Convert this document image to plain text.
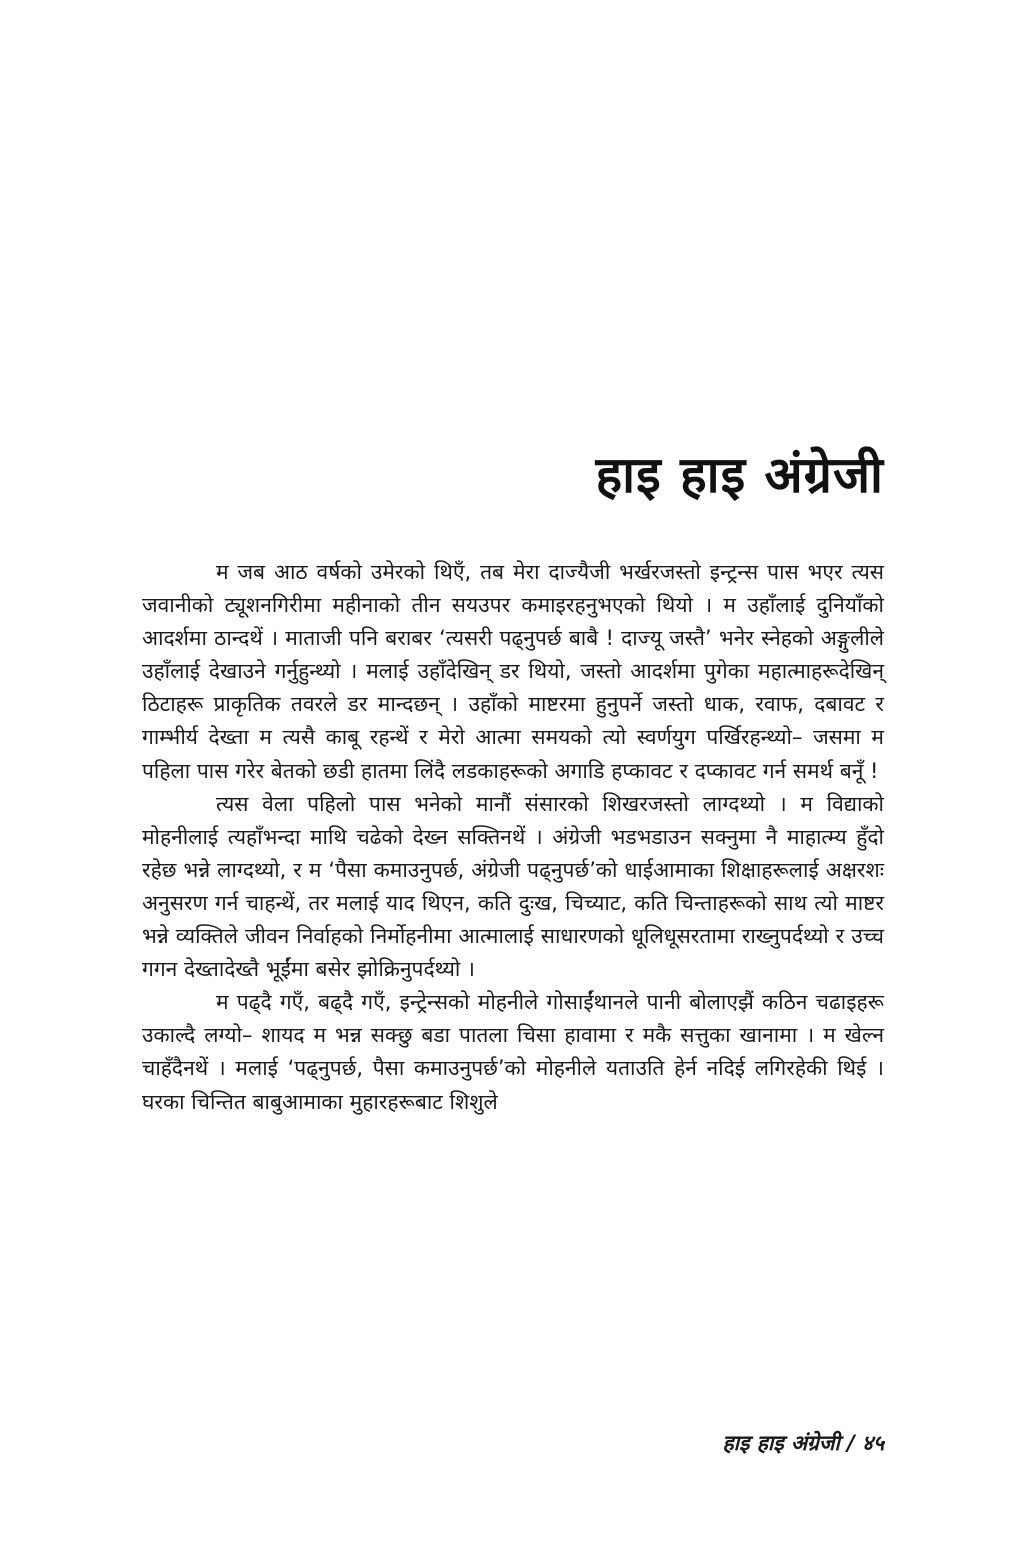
हाइ हाइ अंग्रेजी

म जब आठ वर्षको उमेरको थिएँ, तब मेरा दाज्यैजी भर्खरजस्तो इन्ट्रन्स पास भएर त्यस जवानीको ट्यूशनगिरीमा महीनाको तीन सयउपर कमाइरहनुभएको थियो । म उहाँलाई दुनियाँको आदर्शमा ठान्दथें । माताजी पनि बराबर ‘त्यसरी पढ्नुपर्छ बाबै ! दाज्यू जस्तै’ भनेर स्नेहको अङ्गुलीले उहाँलाई देखाउने गर्नुहुन्थ्यो । मलाई उहाँदेखिन् डर थियो, जस्तो आदर्शमा पुगेका महात्माहरूदेखिन् ठिटाहरू प्राकृतिक तवरले डर मान्दछन् । उहाँको माष्टरमा हुनुपर्ने जस्तो धाक, रवाफ, दबावट र गाम्भीर्य देख्ता म त्यसै काबू रहन्थें र मेरो आत्मा समयको त्यो स्वर्णयुग पर्खिरहन्थ्यो– जसमा म पहिला पास गरेर बेतको छडी हातमा लिंदै लडकाहरूको अगाडि हप्कावट र दप्कावट गर्न समर्थ बनूँ !

त्यस वेला पहिलो पास भनेको मानौं संसारको शिखरजस्तो लाग्दथ्यो । म विद्याको मोहनीलाई त्यहाँभन्दा माथि चढेको देख्न सक्तिनथें । अंग्रेजी भडभडाउन सक्नुमा नै माहात्म्य हुँदो रहेछ भन्ने लाग्दथ्यो, र म ‘पैसा कमाउनुपर्छ, अंग्रेजी पढ्नुपर्छ’को धाईआमाका शिक्षाहरूलाई अक्षरशः अनुसरण गर्न चाहन्थें, तर मलाई याद थिएन, कति दुःख, चिच्याट, कति चिन्ताहरूको साथ त्यो माष्टर भन्ने व्यक्तिले जीवन निर्वाहको निर्मोहनीमा आत्मालाई साधारणको धूलिधूसरतामा राख्नुपर्दथ्यो र उच्च गगन देख्तादेख्तै भूईंमा बसेर झोक्रिनुपर्दथ्यो ।

म पढ्दै गएँ, बढ्दै गएँ, इन्ट्रेन्सको मोहनीले गोसाईंथानले पानी बोलाएझैं कठिन चढाइहरू उकाल्दै लग्यो– शायद म भन्न सक्छु बडा पातला चिसा हावामा र मकै सत्तुका खानामा । म खेल्न चाहँदैनथें । मलाई ‘पढ्नुपर्छ, पैसा कमाउनुपर्छ’को मोहनीले यताउति हेर्न नदिई लगिरहेकी थिई । घरका चिन्तित बाबुआमाका मुहारहरूबाट शिशुले

हाइ हाइ अंग्रेजी / ४५
